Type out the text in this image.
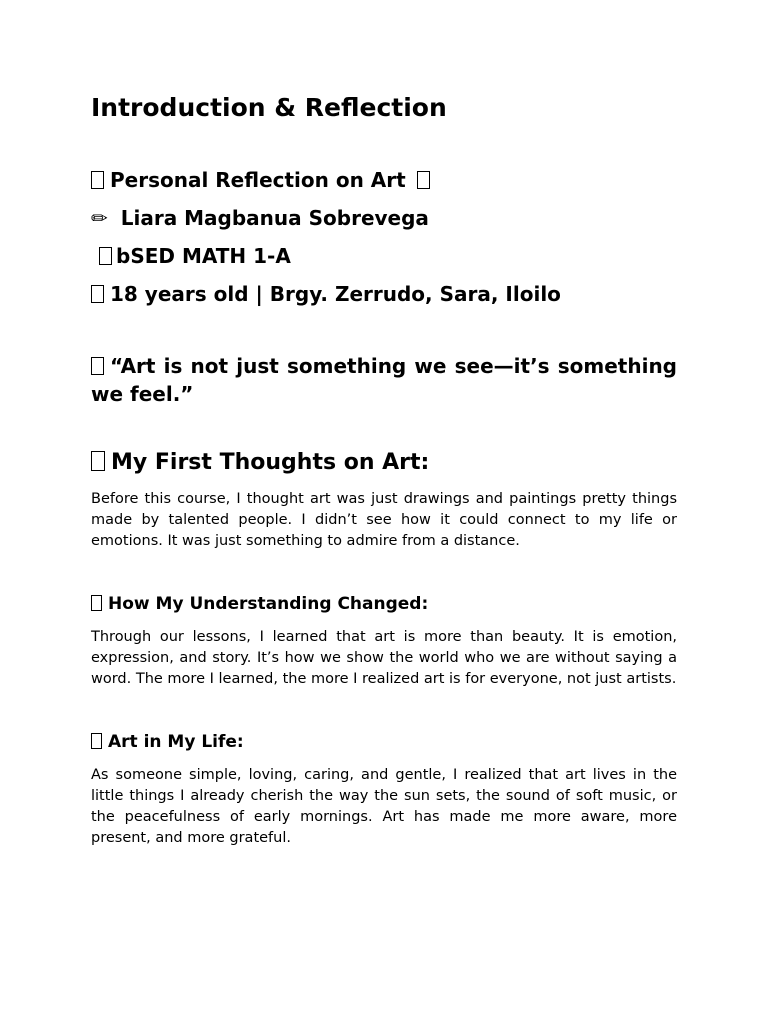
Introduction & Reflection
Personal Reflection on Art
✏ Liara Magbanua Sobrevega
bSED MATH 1-A
18 years old | Brgy. Zerrudo, Sara, Iloilo
“Art is not just something we see—it’s something we feel.”
My First Thoughts on Art:
Before this course, I thought art was just drawings and paintings pretty things made by talented people. I didn’t see how it could connect to my life or emotions. It was just something to admire from a distance.
How My Understanding Changed:
Through our lessons, I learned that art is more than beauty. It is emotion, expression, and story. It’s how we show the world who we are without saying a word. The more I learned, the more I realized art is for everyone, not just artists.
Art in My Life:
As someone simple, loving, caring, and gentle, I realized that art lives in the little things I already cherish the way the sun sets, the sound of soft music, or the peacefulness of early mornings. Art has made me more aware, more present, and more grateful.
